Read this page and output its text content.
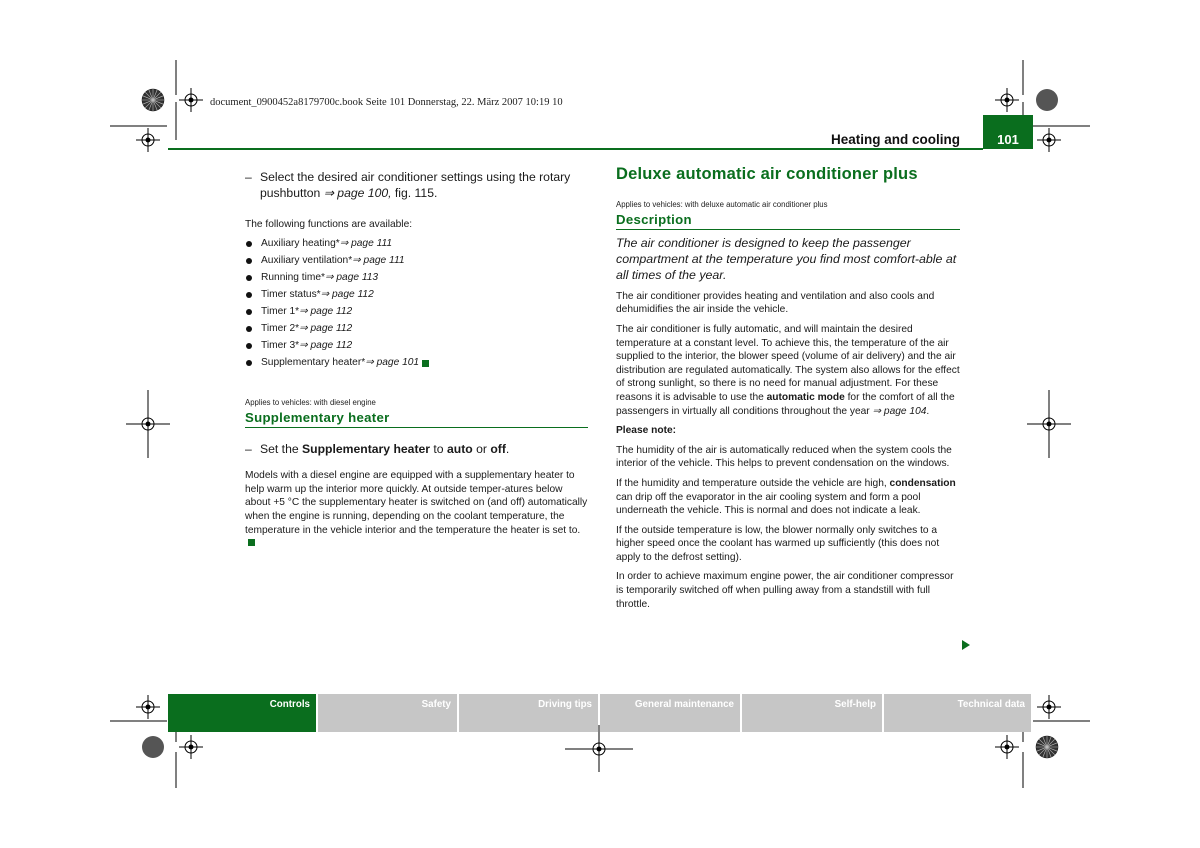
document_0900452a8179700c.book Seite 101 Donnerstag, 22. März 2007 10:19 10
Heating and cooling	101
– Select the desired air conditioner settings using the rotary pushbutton ⇒ page 100, fig. 115.

The following functions are available:

Auxiliary heating* ⇒ page 111
Auxiliary ventilation* ⇒ page 111
Running time* ⇒ page 113
Timer status* ⇒ page 112
Timer 1* ⇒ page 112
Timer 2* ⇒ page 112
Timer 3* ⇒ page 112
Supplementary heater* ⇒ page 101
Applies to vehicles: with diesel engine
Supplementary heater
– Set the Supplementary heater to auto or off.

Models with a diesel engine are equipped with a supplementary heater to help warm up the interior more quickly. At outside temper-atures below about +5 °C the supplementary heater is switched on (and off) automatically when the engine is running, depending on the coolant temperature, the temperature in the vehicle interior and the temperature the heater is set to.

Deluxe automatic air conditioner plus
Applies to vehicles: with deluxe automatic air conditioner plus
Description

The air conditioner is designed to keep the passenger compartment at the temperature you find most comfort-able at all times of the year.

The air conditioner provides heating and ventilation and also cools and dehumidifies the air inside the vehicle.

The air conditioner is fully automatic, and will maintain the desired temperature at a constant level. To achieve this, the temperature of the air supplied to the interior, the blower speed (volume of air delivery) and the air distribution are regulated automatically. The system also allows for the effect of strong sunlight, so there is no need for manual adjustment. For these reasons it is advisable to use the automatic mode for the comfort of all the passengers in virtually all conditions throughout the year ⇒ page 104.

Please note:

The humidity of the air is automatically reduced when the system cools the interior of the vehicle. This helps to prevent condensation on the windows.

If the humidity and temperature outside the vehicle are high, condensation can drip off the evaporator in the air cooling system and form a pool underneath the vehicle. This is normal and does not indicate a leak.

If the outside temperature is low, the blower normally only switches to a higher speed once the coolant has warmed up sufficiently (this does not apply to the defrost setting).

In order to achieve maximum engine power, the air conditioner compressor is temporarily switched off when pulling away from a standstill with full throttle.

Controls	Safety	Driving tips	General maintenance	Self-help	Technical data
